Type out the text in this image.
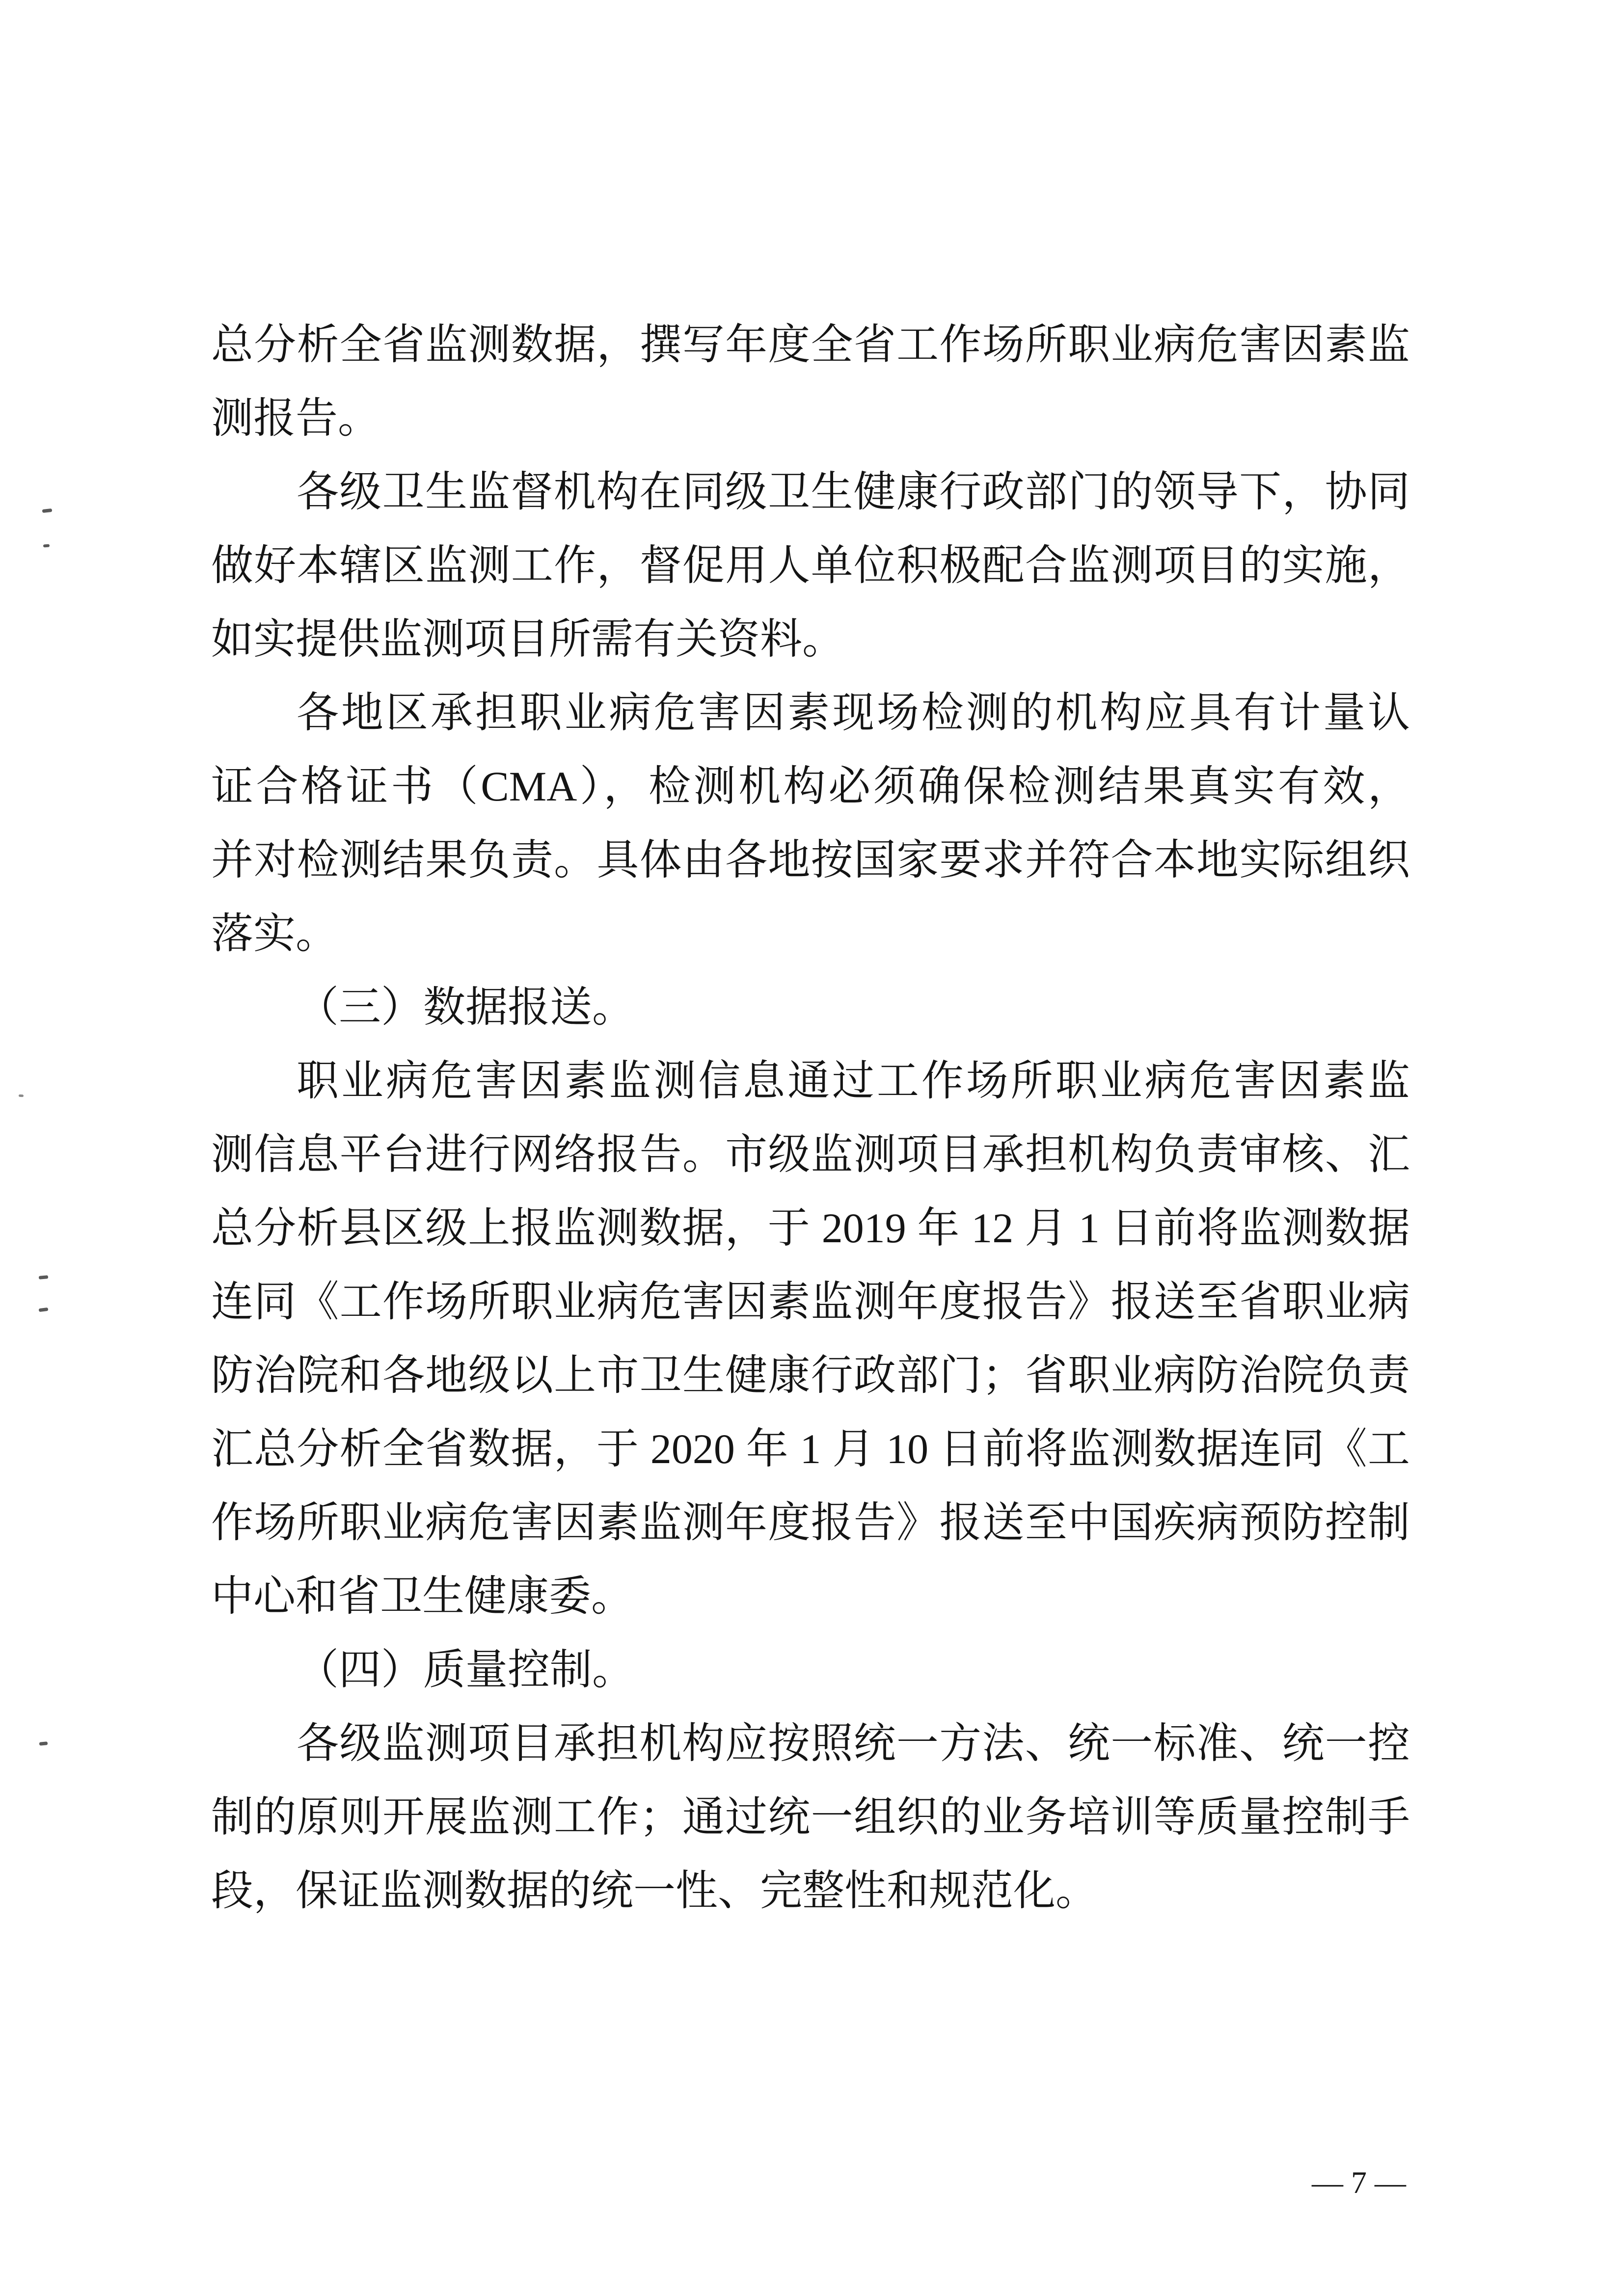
总分析全省监测数据，撰写年度全省工作场所职业病危害因素监
测报告。
各级卫生监督机构在同级卫生健康行政部门的领导下，协同
做好本辖区监测工作，督促用人单位积极配合监测项目的实施，
如实提供监测项目所需有关资料。
各地区承担职业病危害因素现场检测的机构应具有计量认
证合格证书（CMA），检测机构必须确保检测结果真实有效，
并对检测结果负责。具体由各地按国家要求并符合本地实际组织
落实。
（三）数据报送。
职业病危害因素监测信息通过工作场所职业病危害因素监
测信息平台进行网络报告。市级监测项目承担机构负责审核、汇
总分析县区级上报监测数据，于 2019 年 12 月 1 日前将监测数据
连同《工作场所职业病危害因素监测年度报告》报送至省职业病
防治院和各地级以上市卫生健康行政部门；省职业病防治院负责
汇总分析全省数据，于 2020 年 1 月 10 日前将监测数据连同《工
作场所职业病危害因素监测年度报告》报送至中国疾病预防控制
中心和省卫生健康委。
（四）质量控制。
各级监测项目承担机构应按照统一方法、统一标准、统一控
制的原则开展监测工作；通过统一组织的业务培训等质量控制手
段，保证监测数据的统一性、完整性和规范化。
— 7 —
